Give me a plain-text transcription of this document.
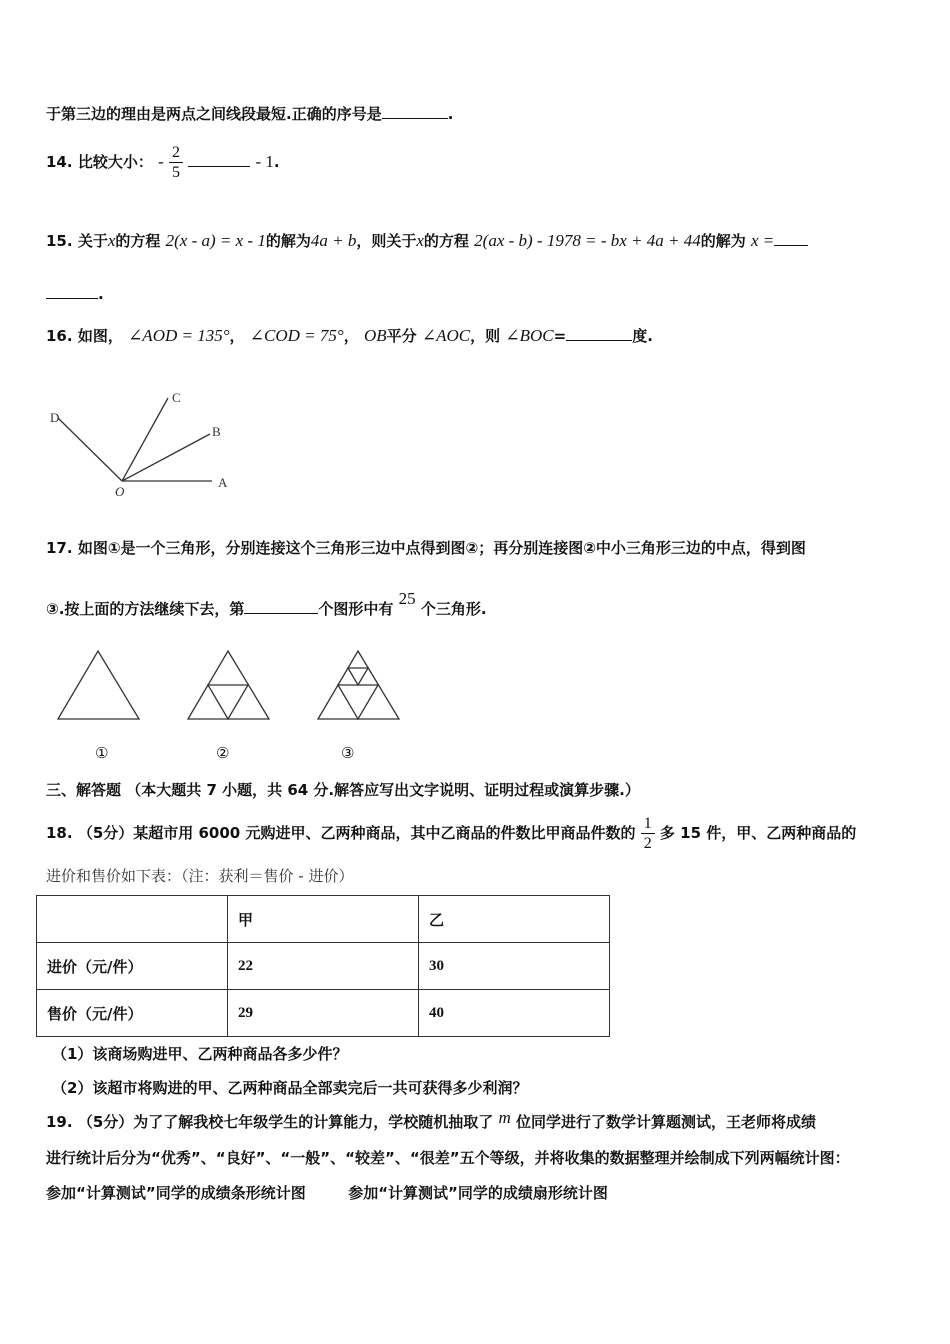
于第三边的理由是两点之间线段最短.正确的序号是	.
14. 比较大小： - $\frac{2}{5}$	- 1.
15. 关于x的方程 2(x - a) = x - 1的解为4a + b，则关于x的方程 2(ax - b) - 1978 = - bx + 4a + 44的解为 x =
.
16. 如图， ∠AOD = 135°， ∠COD = 75°， OB平分 ∠AOC，则 ∠BOC=	度.
D
C
B
O
A
17. 如图①是一个三角形，分别连接这个三角形三边中点得到图②；再分别连接图②中小三角形三边的中点，得到图
③.按上面的方法继续下去，第	个图形中有 25 个三角形.
①	②	③
三、解答题 （本大题共 7 小题，共 64 分.解答应写出文字说明、证明过程或演算步骤.）
18. （5分）某超市用 6000 元购进甲、乙两种商品，其中乙商品的件数比甲商品件数的 $\frac{1}{2}$ 多 15 件，甲、乙两种商品的
进价和售价如下表：（注：获利＝售价 - 进价）
	甲	乙
进价（元/件）	22	30
售价（元/件）	29	40
（1）该商场购进甲、乙两种商品各多少件？
（2）该超市将购进的甲、乙两种商品全部卖完后一共可获得多少利润？
19. （5分）为了了解我校七年级学生的计算能力，学校随机抽取了 m 位同学进行了数学计算题测试，王老师将成绩
进行统计后分为“优秀”、“良好”、“一般”、“较差”、“很差”五个等级，并将收集的数据整理并绘制成下列两幅统计图：
参加“计算测试”同学的成绩条形统计图	参加“计算测试”同学的成绩扇形统计图
